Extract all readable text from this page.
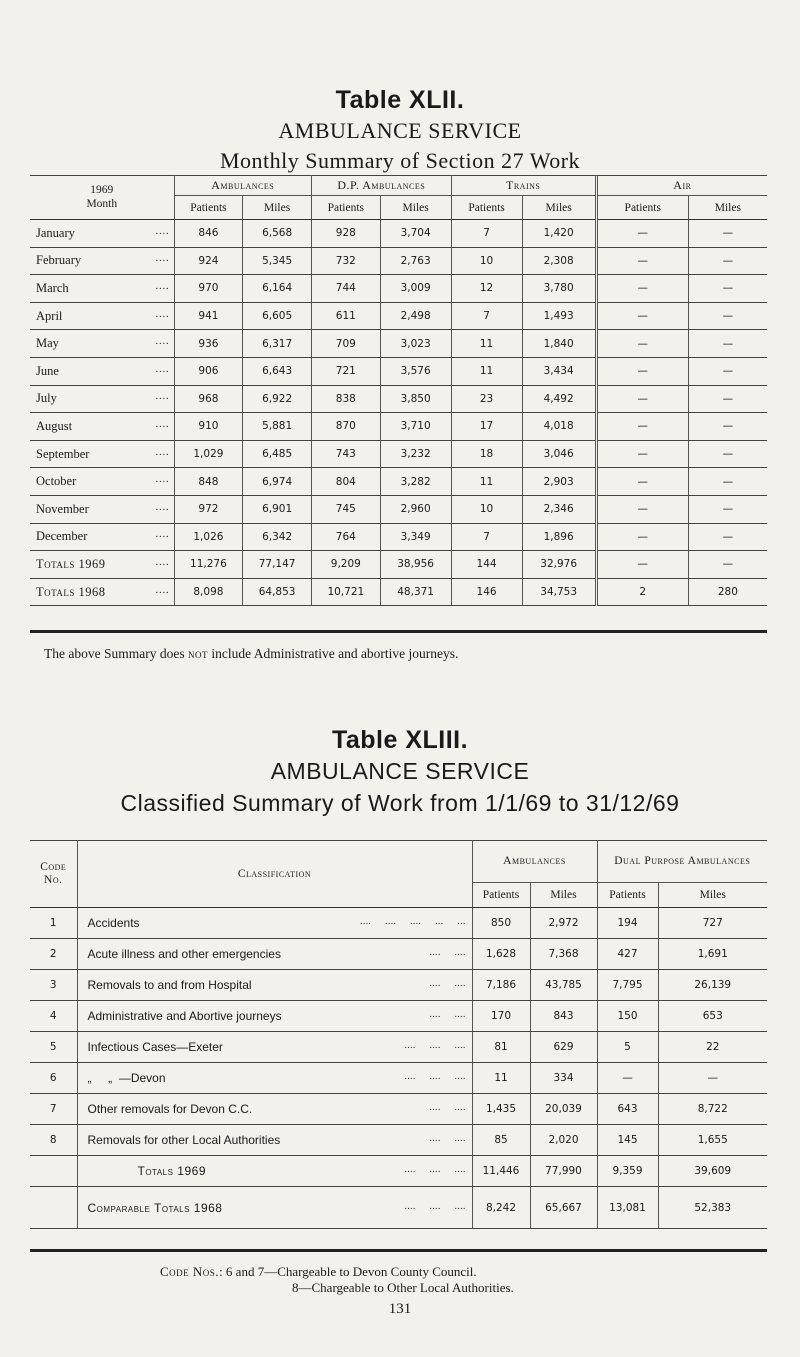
Table XLII.
AMBULANCE SERVICE
Monthly Summary of Section 27 Work
1969
Month	Ambulances		D.P. Ambulances		Trains		Air	
	Patients	Miles	Patients	Miles	Patients	Miles	Patients	Miles
January ....	846	6,568	928	3,704	7	1,420	—	—
February ....	924	5,345	732	2,763	10	2,308	—	—
March ....	970	6,164	744	3,009	12	3,780	—	—
April ....	941	6,605	611	2,498	7	1,493	—	—
May ....	936	6,317	709	3,023	11	1,840	—	—
June ....	906	6,643	721	3,576	11	3,434	—	—
July ....	968	6,922	838	3,850	23	4,492	—	—
August ....	910	5,881	870	3,710	17	4,018	—	—
September ....	1,029	6,485	743	3,232	18	3,046	—	—
October ....	848	6,974	804	3,282	11	2,903	—	—
November ....	972	6,901	745	2,960	10	2,346	—	—
December ....	1,026	6,342	764	3,349	7	1,896	—	—
Totals 1969 ....	11,276	77,147	9,209	38,956	144	32,976	—	—
Totals 1968 ....	8,098	64,853	10,721	48,371	146	34,753	2	280
The above Summary does not include Administrative and abortive journeys.
Table XLIII.
AMBULANCE SERVICE
Classified Summary of Work from 1/1/69 to 31/12/69
Code No.	Classification	Ambulances		Dual Purpose Ambulances	
		Patients	Miles	Patients	Miles
1	Accidents ....     ....     ....     ...     ...	850	2,972	194	727
2	Acute illness and other emergencies ....     ....	1,628	7,368	427	1,691
3	Removals to and from Hospital ....     ....	7,186	43,785	7,795	26,139
4	Administrative and Abortive journeys ....     ....	170	843	150	653
5	Infectious Cases—Exeter ....     ....     ....	81	629	5	22
6	„     „  —Devon ....     ....     ....	11	334	—	—
7	Other removals for Devon C.C. ....     ....	1,435	20,039	643	8,722
8	Removals for other Local Authorities ....     ....	85	2,020	145	1,655
	Totals 1969 ....     ....     ....	11,446	77,990	9,359	39,609
	Comparable Totals 1968 ....     ....     ....	8,242	65,667	13,081	52,383
Code Nos.: 6 and 7—Chargeable to Devon County Council.
8—Chargeable to Other Local Authorities.
131
